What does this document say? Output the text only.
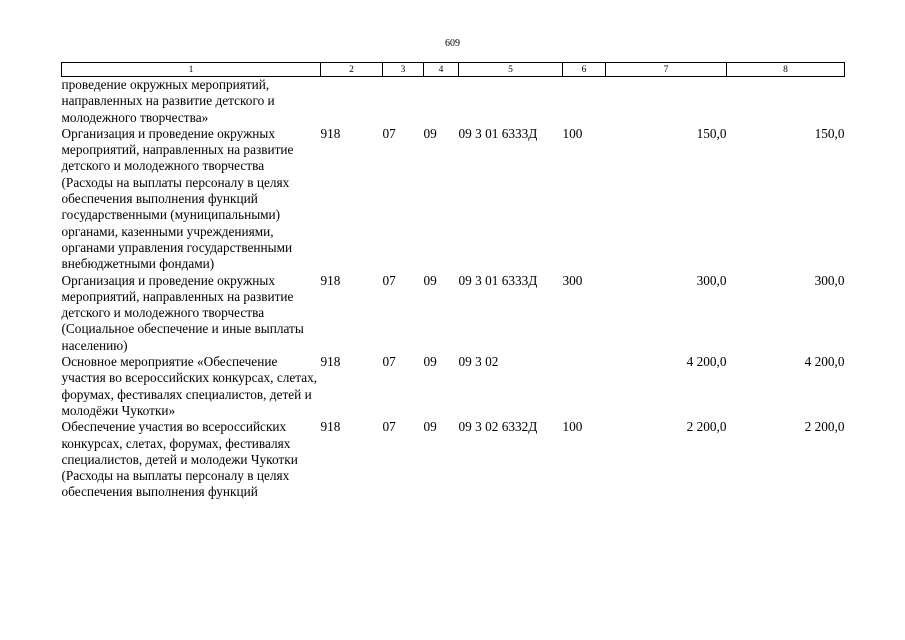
609
1	2	3	4	5	6	7	8
проведение окружных мероприятий, направленных на развитие детского и молодежного творчества»							
Организация и проведение окружных мероприятий, направленных на развитие детского и молодежного творчества (Расходы на выплаты персоналу в целях обеспечения выполнения функций государственными (муниципальными) органами, казенными учреждениями, органами управления государственными внебюджетными фондами)	918	07	09	09 3 01 6333Д	100	150,0	150,0
Организация и проведение окружных мероприятий, направленных на развитие детского и молодежного творчества (Социальное обеспечение и иные выплаты населению)	918	07	09	09 3 01 6333Д	300	300,0	300,0
Основное мероприятие «Обеспечение участия во всероссийских конкурсах, слетах, форумах, фестивалях специалистов, детей и молодёжи Чукотки»	918	07	09	09 3 02		4 200,0	4 200,0
Обеспечение участия во всероссийских конкурсах, слетах, форумах, фестивалях специалистов, детей и молодежи Чукотки (Расходы на выплаты персоналу в целях обеспечения выполнения функций	918	07	09	09 3 02 6332Д	100	2 200,0	2 200,0
